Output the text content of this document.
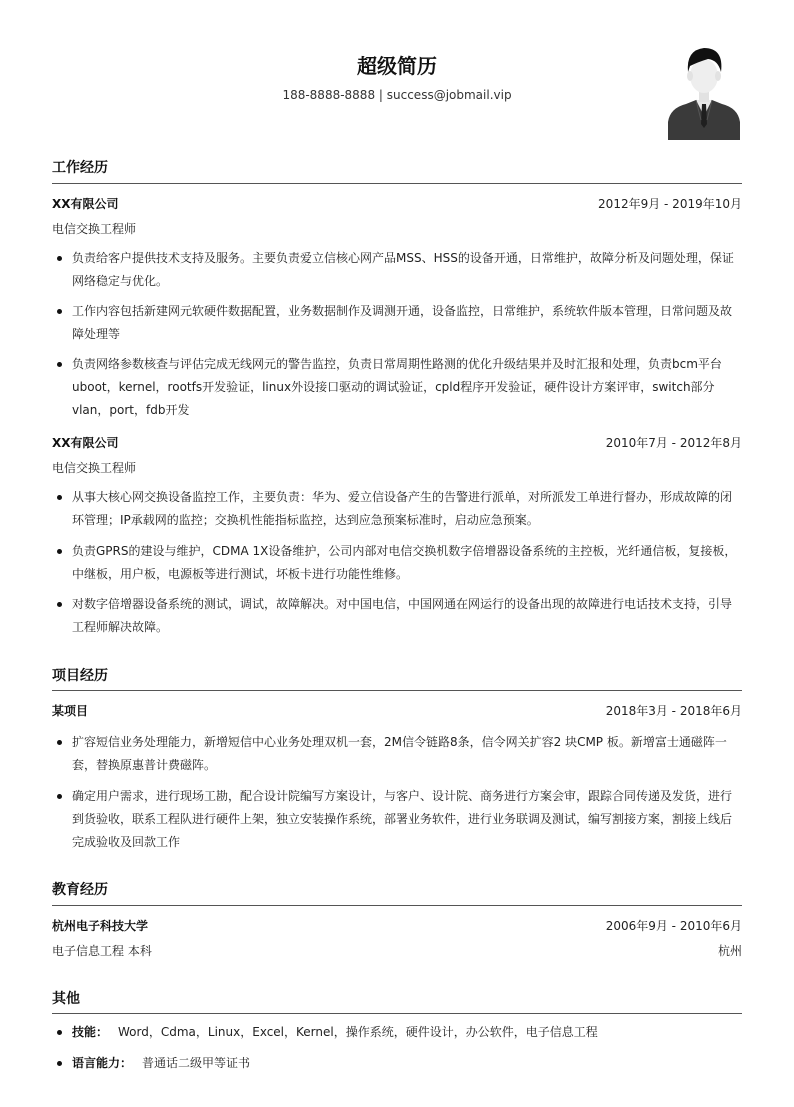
超级简历
188-8888-8888 | success@jobmail.vip
工作经历
XX有限公司	2012年9月 - 2019年10月
电信交换工程师
负责给客户提供技术支持及服务。主要负责爱立信核心网产品MSS、HSS的设备开通，日常维护，故障分析及问题处理，保证网络稳定与优化。
工作内容包括新建网元软硬件数据配置，业务数据制作及调测开通，设备监控，日常维护，系统软件版本管理，日常问题及故障处理等
负责网络参数核查与评估完成无线网元的警告监控，负责日常周期性路测的优化升级结果并及时汇报和处理，负责bcm平台uboot，kernel，rootfs开发验证，linux外设接口驱动的调试验证，cpld程序开发验证，硬件设计方案评审，switch部分vlan，port，fdb开发
XX有限公司	2010年7月 - 2012年8月
电信交换工程师
从事大核心网交换设备监控工作，主要负责：华为、爱立信设备产生的告警进行派单，对所派发工单进行督办，形成故障的闭环管理；IP承载网的监控；交换机性能指标监控，达到应急预案标准时，启动应急预案。
负责GPRS的建设与维护，CDMA 1X设备维护，公司内部对电信交换机数字倍增器设备系统的主控板，光纤通信板，复接板，中继板，用户板，电源板等进行测试，坏板卡进行功能性维修。
对数字倍增器设备系统的测试，调试，故障解决。对中国电信，中国网通在网运行的设备出现的故障进行电话技术支持，引导工程师解决故障。
项目经历
某项目	2018年3月 - 2018年6月
扩容短信业务处理能力，新增短信中心业务处理双机一套，2M信令链路8条，信令网关扩容2 块CMP 板。新增富士通磁阵一套，替换原惠普计费磁阵。
确定用户需求，进行现场工勘，配合设计院编写方案设计，与客户、设计院、商务进行方案会审，跟踪合同传递及发货，进行到货验收，联系工程队进行硬件上架，独立安装操作系统，部署业务软件，进行业务联调及测试，编写割接方案，割接上线后完成验收及回款工作
教育经历
杭州电子科技大学	2006年9月 - 2010年6月
电子信息工程 本科	杭州
其他
技能： Word，Cdma，Linux，Excel，Kernel，操作系统，硬件设计，办公软件，电子信息工程
语言能力： 普通话二级甲等证书
